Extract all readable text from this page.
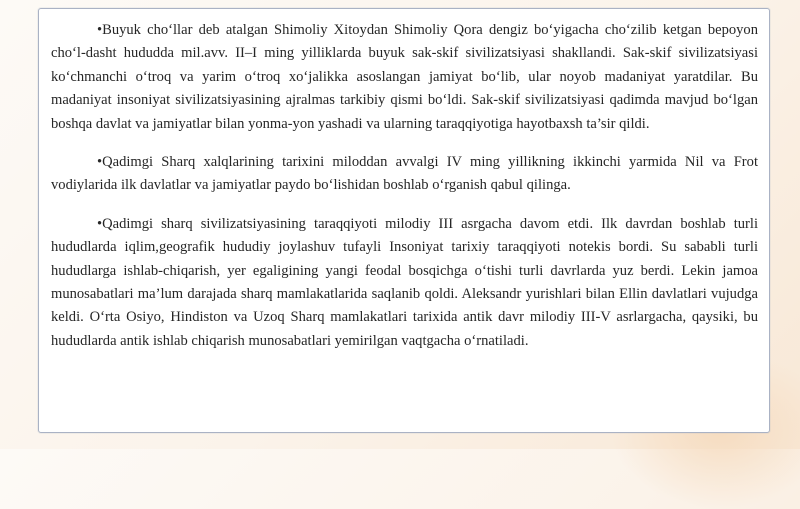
•Buyuk cho‘llar deb atalgan Shimoliy Xitoydan Shimoliy Qora dengiz bo‘yigacha cho‘zilib ketgan bepoyon cho‘l-dasht hududda mil.avv. II–I ming yilliklarda buyuk sak-skif sivilizatsiyasi shakllandi. Sak-skif sivilizatsiyasi ko‘chmanchi o‘troq va yarim o‘troq xo‘jalikka asoslangan jamiyat bo‘lib, ular noyob madaniyat yaratdilar. Bu madaniyat insoniyat sivilizatsiyasining ajralmas tarkibiy qismi bo‘ldi. Sak-skif sivilizatsiyasi qadimda mavjud bo‘lgan boshqa davlat va jamiyatlar bilan yonma-yon yashadi va ularning taraqqiyotiga hayotbaxsh ta’sir qildi.

•Qadimgi Sharq xalqlarining tarixini miloddan avvalgi IV ming yillikning ikkinchi yarmida Nil va Frot vodiylarida ilk davlatlar va jamiyatlar paydo bo‘lishidan boshlab o‘rganish qabul qilinga.

•Qadimgi sharq sivilizatsiyasining taraqqiyoti milodiy III asrgacha davom etdi. Ilk davrdan boshlab turli hududlarda iqlim,geografik hududiy joylashuv tufayli Insoniyat tarixiy taraqqiyoti notekis bordi. Su sababli turli hududlarga ishlab-chiqarish, yer egaligining yangi feodal bosqichga o‘tishi turli davrlarda yuz berdi. Lekin jamoa munosabatlari ma’lum darajada sharq mamlakatlarida saqlanib qoldi. Aleksandr yurishlari bilan Ellin davlatlari vujudga keldi. O‘rta Osiyo, Hindiston va Uzoq Sharq mamlakatlari tarixida antik davr milodiy III-V asrlargacha, qaysiki, bu hududlarda antik ishlab chiqarish munosabatlari yemirilgan vaqtgacha o‘rnatiladi.
